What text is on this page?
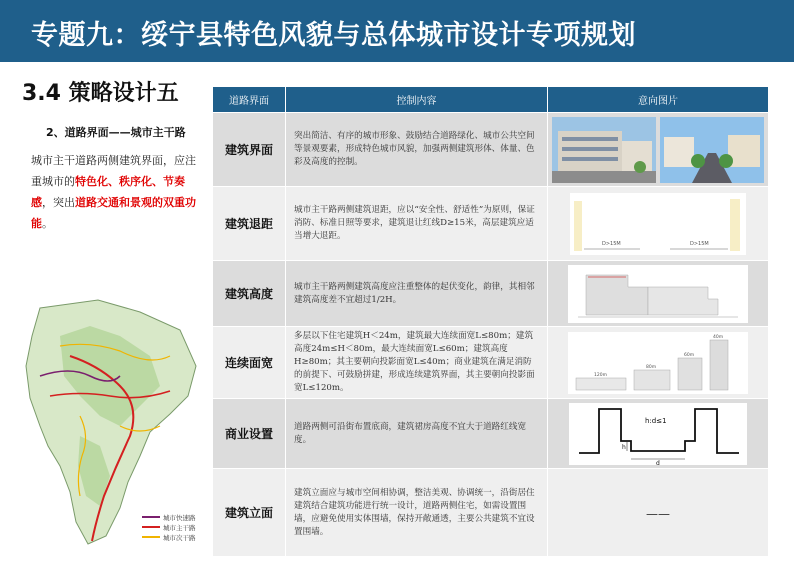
专题九：绥宁县特色风貌与总体城市设计专项规划
3.4 策略设计五
2、道路界面——城市主干路
城市主干道路两侧建筑界面，应注重城市的特色化、秩序化、节奏感，突出道路交通和景观的双重功能。
城市快速路
城市主干路
城市次干路
道路界面	控制内容	意向图片
建筑界面	突出简洁、有序的城市形象、鼓励结合道路绿化、城市公共空间等景观要素，形成特色城市风貌，加强两侧建筑形体、体量、色彩及高度的控制。	

建筑退距	城市主干路两侧建筑退距，应以“安全性、舒适性”为原则，保证消防、标准日照等要求，建筑退让红线D≥15米，高层建筑应适当增大退距。	D>15M D>15M

建筑高度	城市主干路两侧建筑高度应注重整体的起伏变化，韵律，其相邻建筑高度差不宜超过1/2H。	

连续面宽	多层以下住宅建筑H＜24m，建筑最大连续面宽L≤80m；建筑高度24m≤H＜80m，最大连续面宽L≤60m；建筑高度H≥80m；其主要朝向投影面宽L≤40m；商业建筑在满足消防的前提下、可鼓励拼建，形成连续建筑界面，其主要朝向投影面宽L≤120m。	120m
80m
60m
40m

商业设置	道路两侧可沿街布置底商，建筑裙房高度不宜大于道路红线宽度。	h:d≤1
h
d

建筑立面	建筑立面应与城市空间相协调，整洁美观、协调统一，沿街居住建筑结合建筑功能进行统一设计，道路两侧住宅，如需设置围墙，应避免使用实体围墙，保持开敞通透，主要公共建筑不宜设置围墙。	——
